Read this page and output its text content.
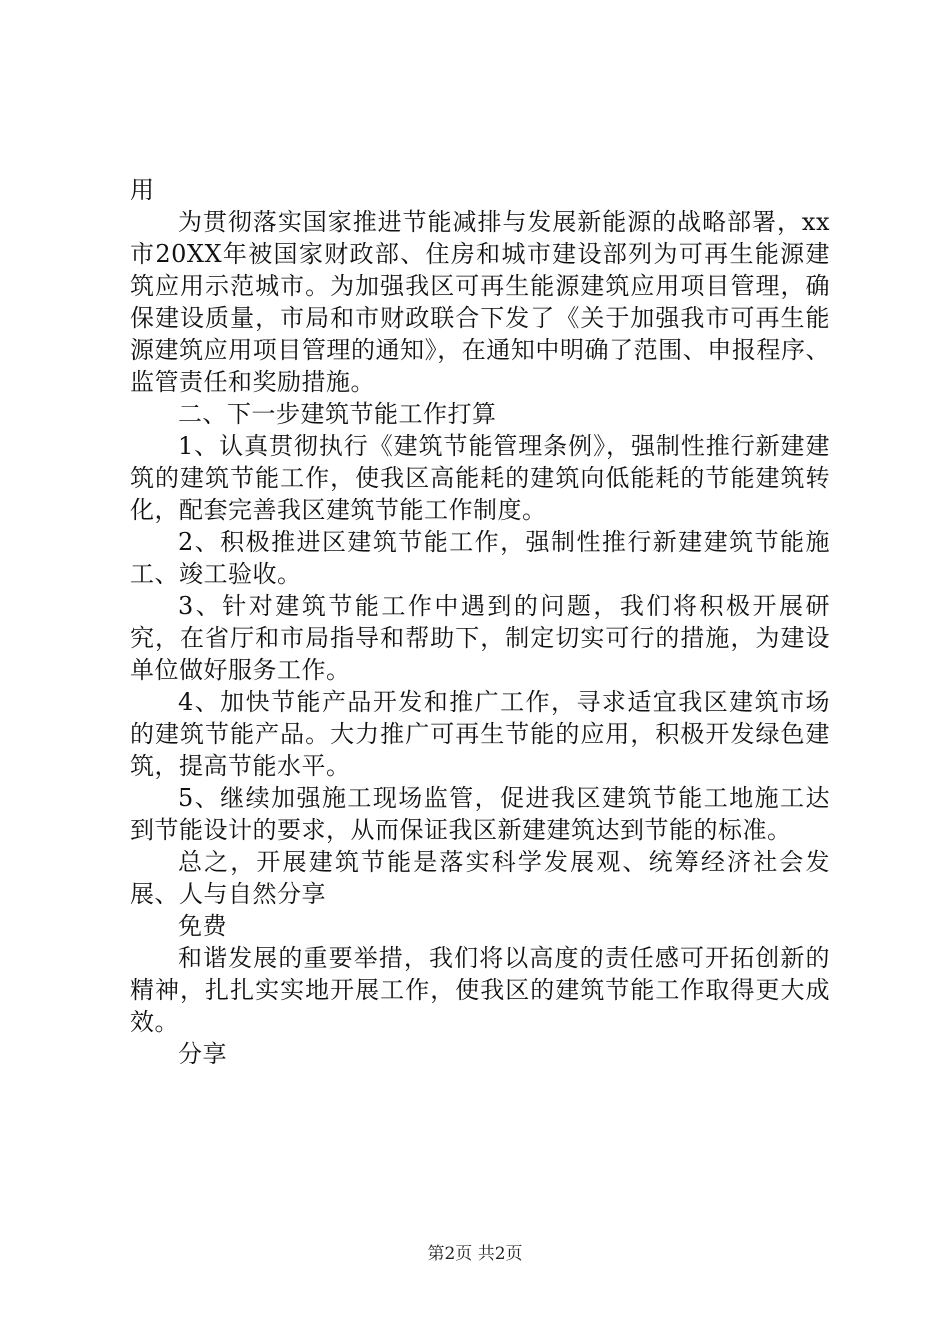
用

为贯彻落实国家推进节能减排与发展新能源的战略部署，xx市20XX年被国家财政部、住房和城市建设部列为可再生能源建筑应用示范城市。为加强我区可再生能源建筑应用项目管理，确保建设质量，市局和市财政联合下发了《关于加强我市可再生能源建筑应用项目管理的通知》，在通知中明确了范围、申报程序、监管责任和奖励措施。

二、下一步建筑节能工作打算

1、认真贯彻执行《建筑节能管理条例》，强制性推行新建建筑的建筑节能工作，使我区高能耗的建筑向低能耗的节能建筑转化，配套完善我区建筑节能工作制度。

2、积极推进区建筑节能工作，强制性推行新建建筑节能施工、竣工验收。

3、针对建筑节能工作中遇到的问题，我们将积极开展研究，在省厅和市局指导和帮助下，制定切实可行的措施，为建设单位做好服务工作。

4、加快节能产品开发和推广工作，寻求适宜我区建筑市场的建筑节能产品。大力推广可再生节能的应用，积极开发绿色建筑，提高节能水平。

5、继续加强施工现场监管，促进我区建筑节能工地施工达到节能设计的要求，从而保证我区新建建筑达到节能的标准。

总之，开展建筑节能是落实科学发展观、统筹经济社会发展、人与自然分享

免费

和谐发展的重要举措，我们将以高度的责任感可开拓创新的精神，扎扎实实地开展工作，使我区的建筑节能工作取得更大成效。

分享

第2页 共2页
